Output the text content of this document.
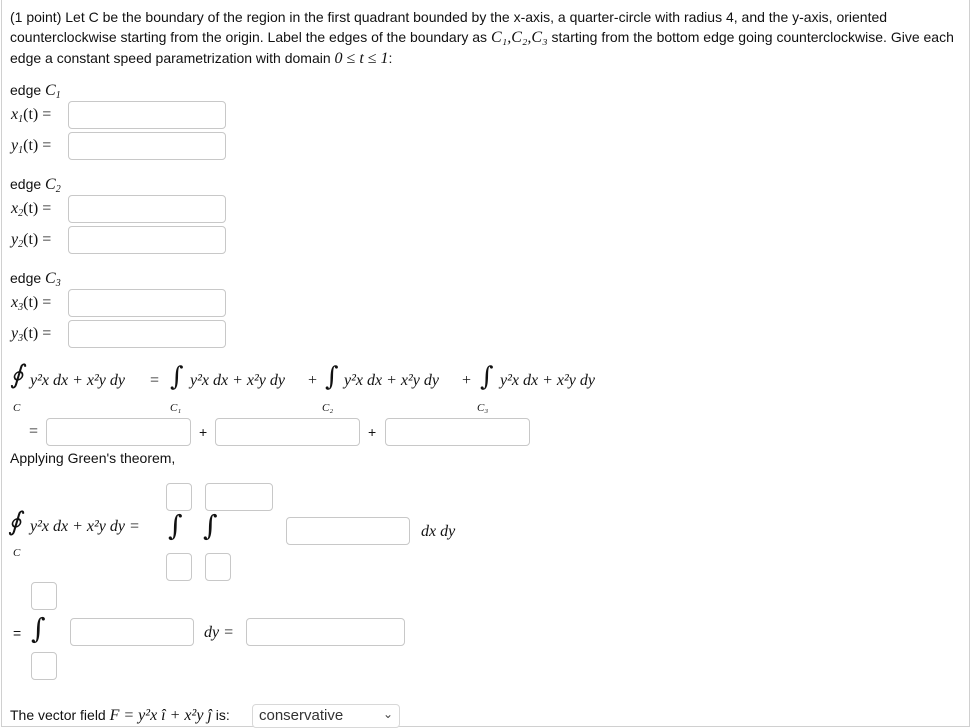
(1 point) Let C be the boundary of the region in the first quadrant bounded by the x-axis, a quarter-circle with radius 4, and the y-axis, oriented counterclockwise starting from the origin. Label the edges of the boundary as C₁,C₂,C₃ starting from the bottom edge going counterclockwise. Give each edge a constant speed parametrization with domain 0 ≤ t ≤ 1:
edge $C_1$
$x_1(t)$ =
$y_1(t)$ =
edge $C_2$
$x_2(t)$ =
$y_2(t)$ =
edge $C_3$
$x_3(t)$ =
$y_3(t)$ =
∮ y²x dx + x²y dy
C
= ∫ y²x dx + x²y dy
C₁
+ ∫ y²x dx + x²y dy
C₂
+ ∫ y²x dx + x²y dy
C₃
=	+	+
Applying Green's theorem,
∮ y²x dx + x²y dy =
C
∫ ∫	dx dy
= ∫	dy =
The vector field F = y²x î + x²y ĵ is:	conservative	⌄
